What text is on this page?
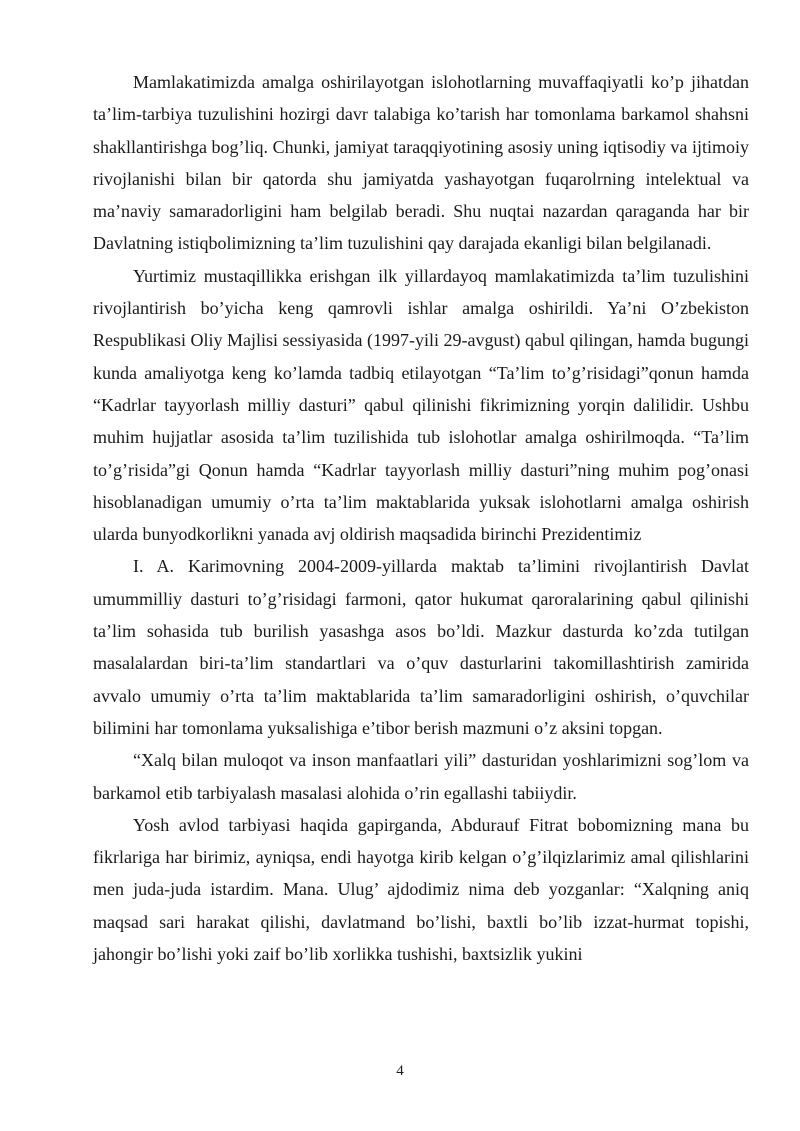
Mamlakatimizda amalga oshirilayotgan islohotlarning muvaffaqiyatli ko’p jihatdan ta’lim-tarbiya tuzulishini hozirgi davr talabiga ko’tarish har tomonlama barkamol shahsni shakllantirishga bog’liq. Chunki, jamiyat taraqqiyotining asosiy uning iqtisodiy va ijtimoiy rivojlanishi bilan bir qatorda shu jamiyatda yashayotgan fuqarolrning intelektual va ma’naviy samaradorligini ham belgilab beradi. Shu nuqtai nazardan qaraganda har bir Davlatning istiqbolimizning ta’lim tuzulishini qay darajada ekanligi bilan belgilanadi.

Yurtimiz mustaqillikka erishgan ilk yillardayoq mamlakatimizda ta’lim tuzulishini rivojlantirish bo’yicha keng qamrovli ishlar amalga oshirildi. Ya’ni O’zbekiston Respublikasi Oliy Majlisi sessiyasida (1997-yili 29-avgust) qabul qilingan, hamda bugungi kunda amaliyotga keng ko’lamda tadbiq etilayotgan “Ta’lim to’g’risidagi”qonun hamda “Kadrlar tayyorlash milliy dasturi” qabul qilinishi fikrimizning yorqin dalilidir. Ushbu muhim hujjatlar asosida ta’lim tuzilishida tub islohotlar amalga oshirilmoqda. “Ta’lim to’g’risida”gi Qonun hamda “Kadrlar tayyorlash milliy dasturi”ning muhim pog’onasi hisoblanadigan umumiy o’rta ta’lim maktablarida yuksak islohotlarni amalga oshirish ularda bunyodkorlikni yanada avj oldirish maqsadida birinchi Prezidentimiz

I. A. Karimovning 2004-2009-yillarda maktab ta’limini rivojlantirish Davlat umummilliy dasturi to’g’risidagi farmoni, qator hukumat qaroralarining qabul qilinishi ta’lim sohasida tub burilish yasashga asos bo’ldi. Mazkur dasturda ko’zda tutilgan masalalardan biri-ta’lim standartlari va o’quv dasturlarini takomillashtirish zamirida avvalo umumiy o’rta ta’lim maktablarida ta’lim samaradorligini oshirish, o’quvchilar bilimini har tomonlama yuksalishiga e’tibor berish mazmuni o’z aksini topgan.

“Xalq bilan muloqot va inson manfaatlari yili” dasturidan yoshlarimizni sog’lom va barkamol etib tarbiyalash masalasi alohida o’rin egallashi tabiiydir.

Yosh avlod tarbiyasi haqida gapirganda, Abdurauf Fitrat bobomizning mana bu fikrlariga har birimiz, ayniqsa, endi hayotga kirib kelgan o’g’ilqizlarimiz amal qilishlarini men juda-juda istardim. Mana. Ulug’ ajdodimiz nima deb yozganlar: “Xalqning aniq maqsad sari harakat qilishi, davlatmand bo’lishi, baxtli bo’lib izzat-hurmat topishi, jahongir bo’lishi yoki zaif bo’lib xorlikka tushishi, baxtsizlik yukini

4
